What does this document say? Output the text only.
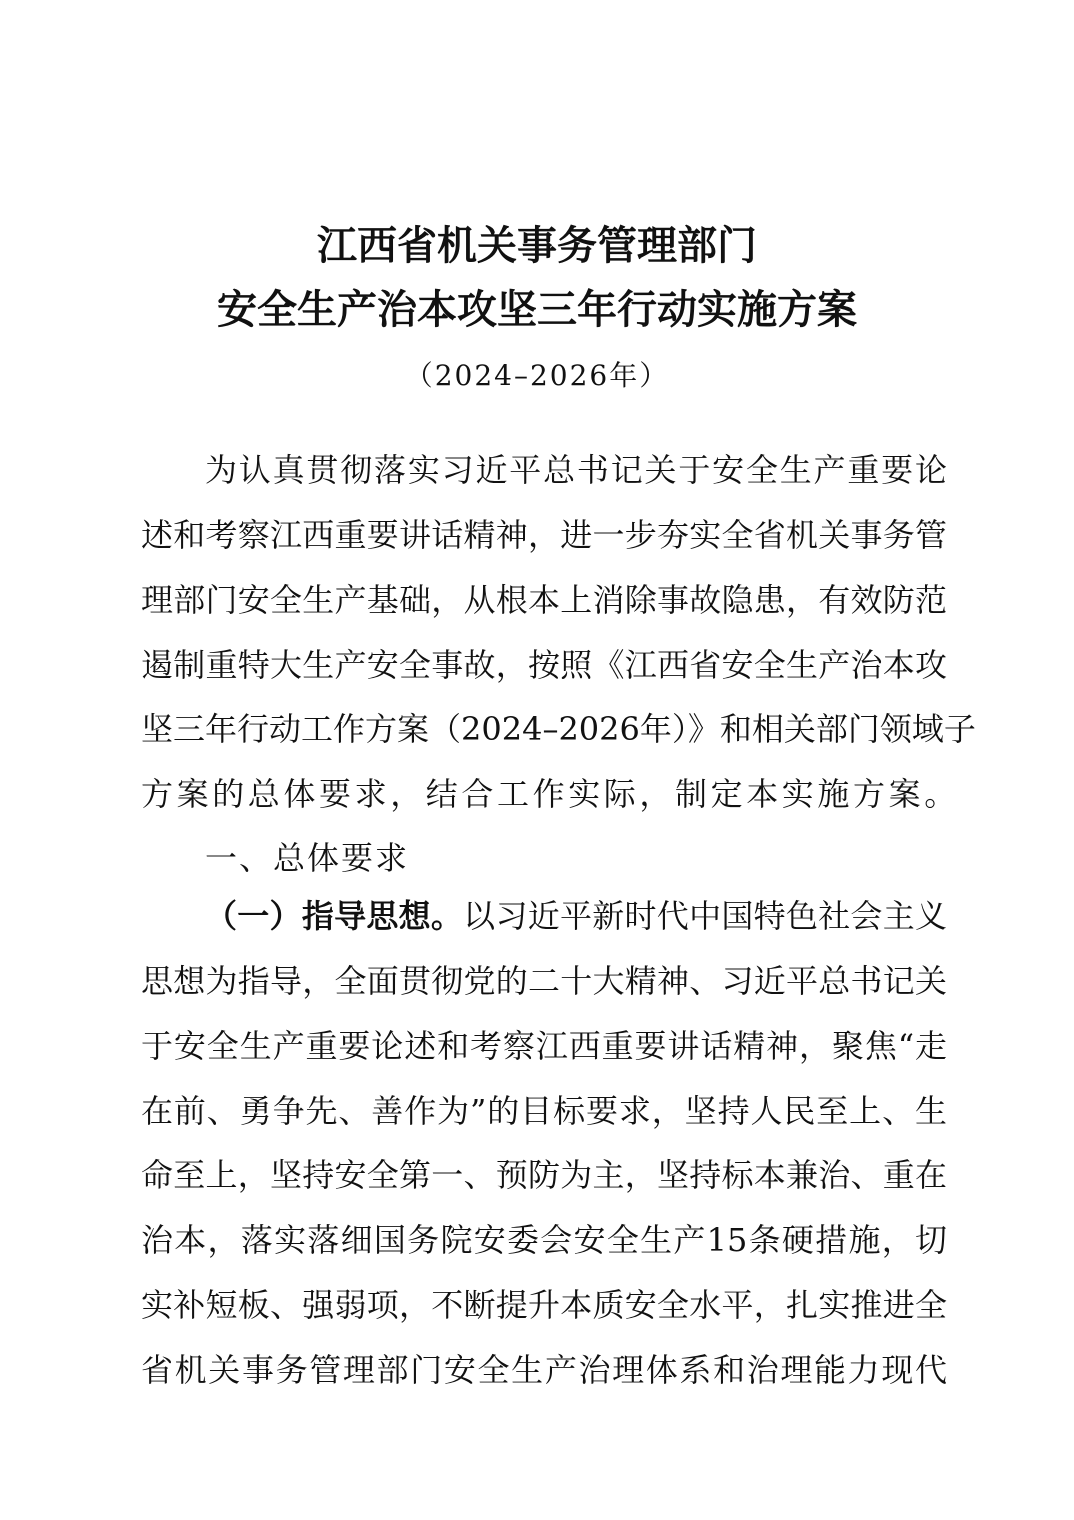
江西省机关事务管理部门
安全生产治本攻坚三年行动实施方案
（2024–2026年）
为认真贯彻落实习近平总书记关于安全生产重要论
述和考察江西重要讲话精神，进一步夯实全省机关事务管
理部门安全生产基础，从根本上消除事故隐患，有效防范
遏制重特大生产安全事故，按照《江西省安全生产治本攻
坚三年行动工作方案（2024–2026年）》和相关部门领域子
方案的总体要求，结合工作实际，制定本实施方案。
一、总体要求
（一）指导思想。以习近平新时代中国特色社会主义
思想为指导，全面贯彻党的二十大精神、习近平总书记关
于安全生产重要论述和考察江西重要讲话精神，聚焦“走
在前、勇争先、善作为”的目标要求，坚持人民至上、生
命至上，坚持安全第一、预防为主，坚持标本兼治、重在
治本，落实落细国务院安委会安全生产15条硬措施，切
实补短板、强弱项，不断提升本质安全水平，扎实推进全
省机关事务管理部门安全生产治理体系和治理能力现代
